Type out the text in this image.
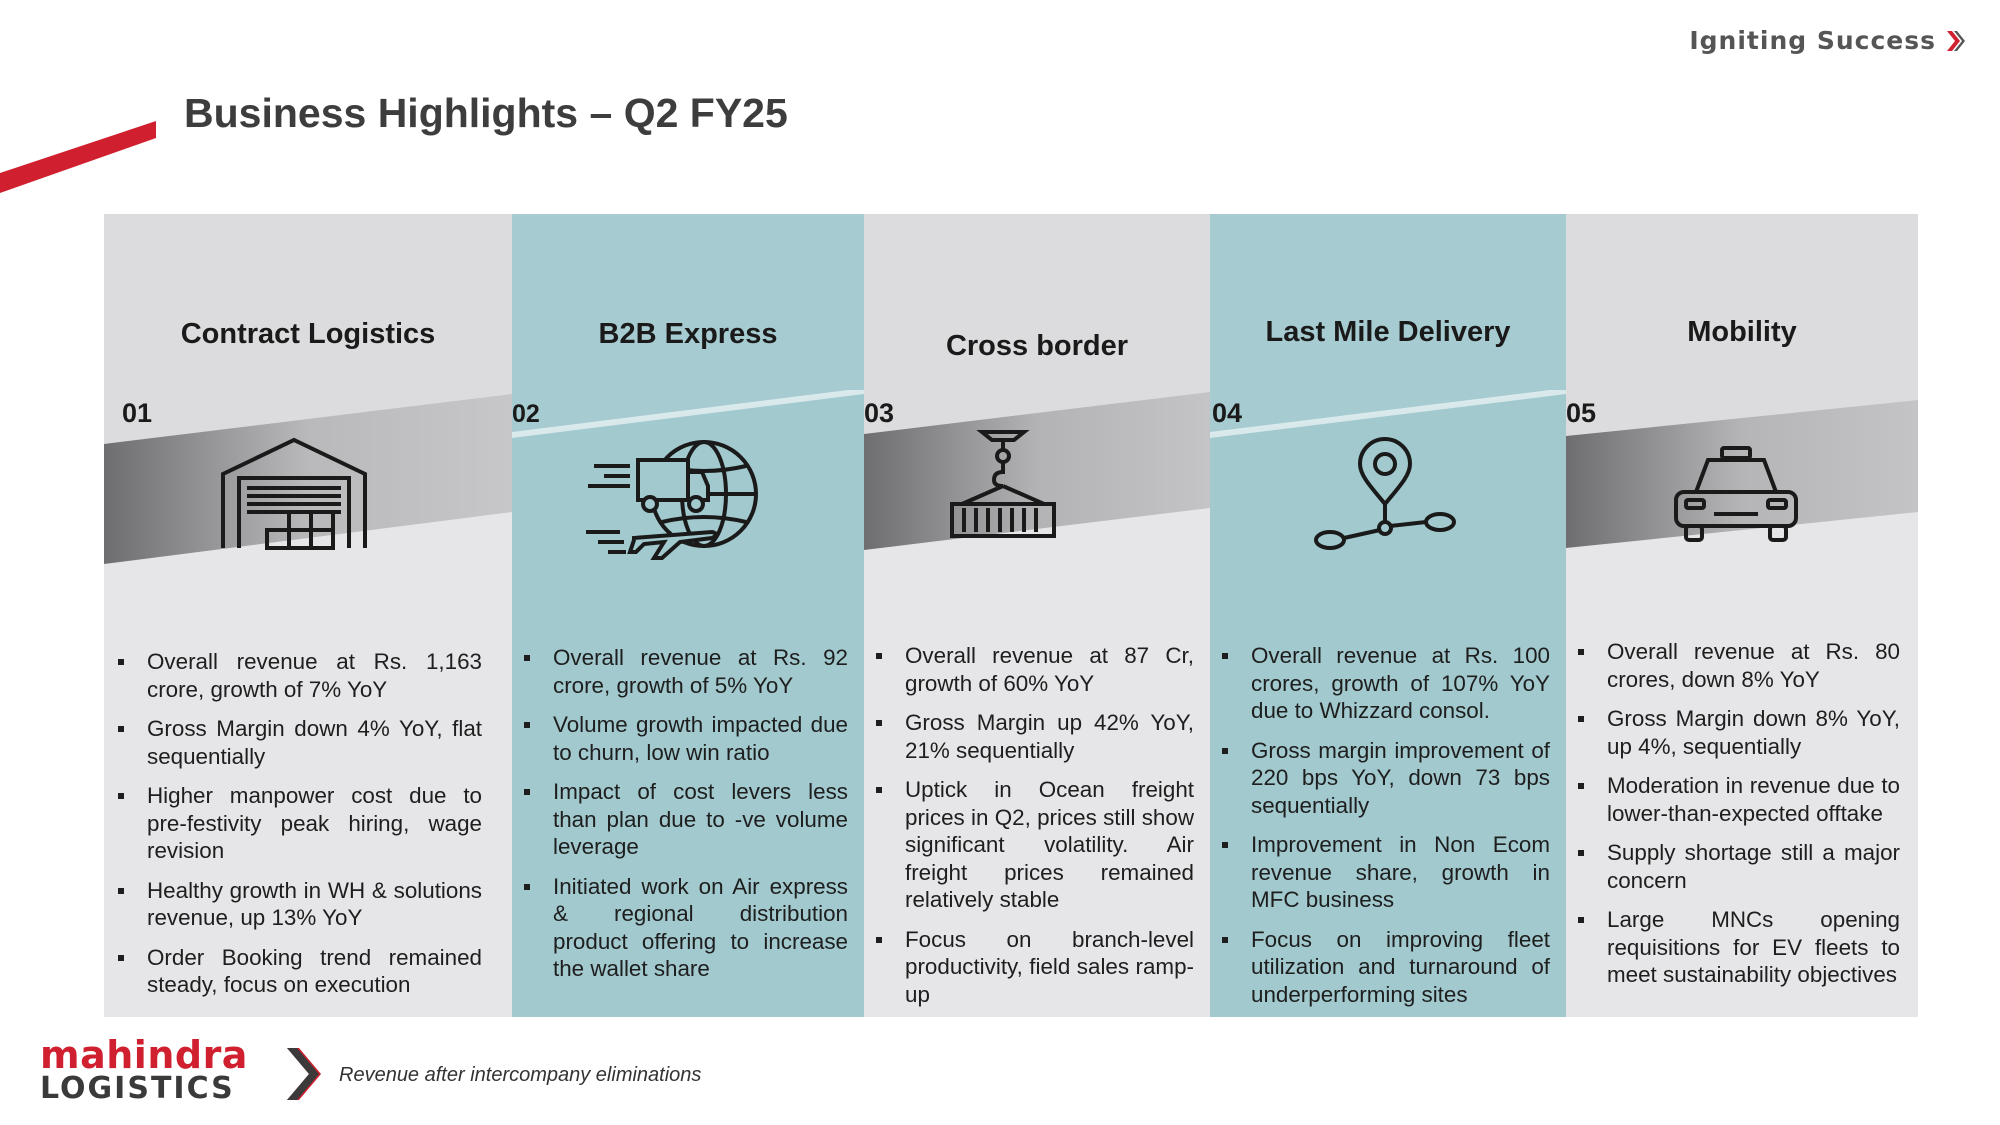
Igniting Success
Business Highlights – Q2 FY25
Contract Logistics
01
Overall revenue at Rs. 1,163 crore, growth of 7% YoY
Gross Margin down 4% YoY, flat sequentially
Higher manpower cost due to pre-festivity peak hiring, wage revision
Healthy growth in WH & solutions revenue, up 13% YoY
Order Booking trend remained steady, focus on execution
B2B Express
02
Overall revenue at Rs. 92 crore, growth of 5% YoY
Volume growth impacted due to churn, low win ratio
Impact of cost levers less than plan due to -ve volume leverage
Initiated work on Air express & regional distribution product offering to increase the wallet share
Cross border
03
Overall revenue at 87 Cr, growth of 60% YoY
Gross Margin up 42% YoY, 21% sequentially
Uptick in Ocean freight prices in Q2, prices still show significant volatility. Air freight prices remained relatively stable
Focus on branch-level productivity, field sales ramp-up
Last Mile Delivery
04
Overall revenue at Rs. 100 crores, growth of 107% YoY due to Whizzard consol.
Gross margin improvement of 220 bps YoY, down 73 bps sequentially
Improvement in Non Ecom revenue share, growth in MFC business
Focus on improving fleet utilization and turnaround of underperforming sites
Mobility
05
Overall revenue at Rs. 80 crores, down 8% YoY
Gross Margin down 8% YoY, up 4%, sequentially
Moderation in revenue due to lower-than-expected offtake
Supply shortage still a major concern
Large MNCs opening requisitions for EV fleets to meet sustainability objectives
mahindra
LOGISTICS	Revenue after intercompany eliminations
